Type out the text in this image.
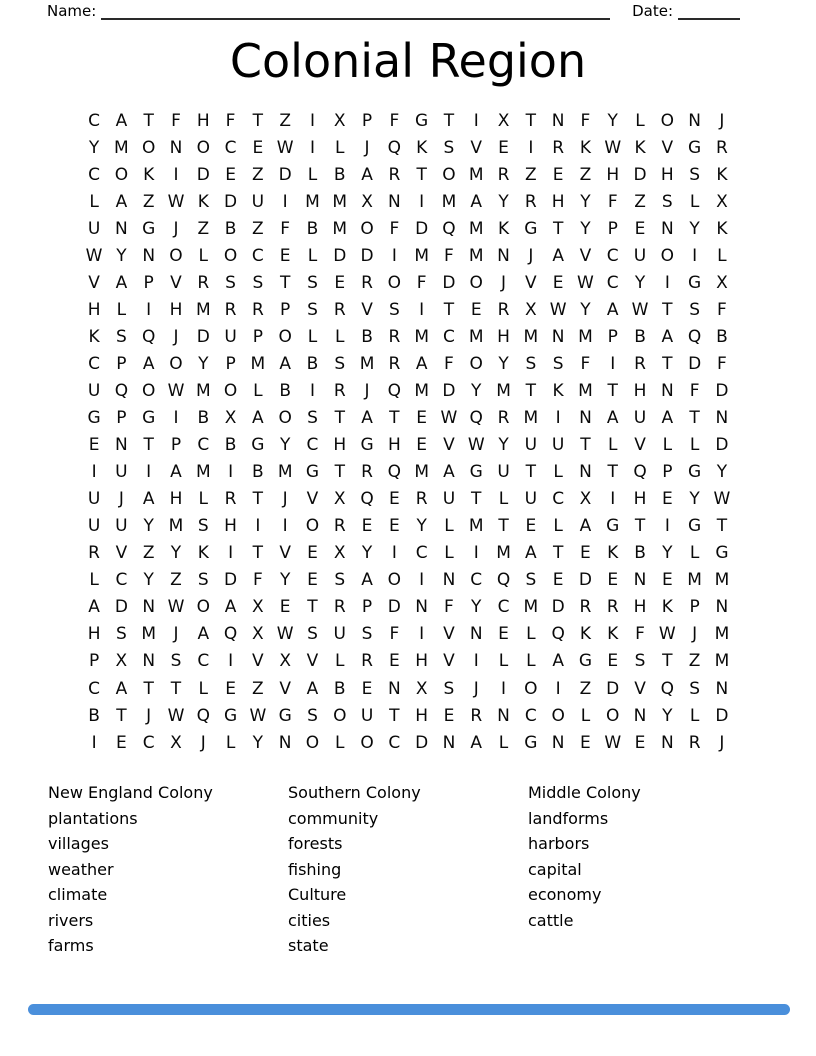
Name:	Date:
Colonial Region
C A T	F H F	T Z	I	X P	F G T	I	X T N F	Y	L O N	J
Y M O N O C E W I	L	J	Q K S V E	I	R K W K V G R
C O K	I	D E Z D L B A R T O M R Z E Z H D H S K
L A Z W K D U	I	M M X N	I	M A Y R H Y	F Z S	L X
U N G	J	Z B Z F B M O F D Q M K G T Y P E N Y K
W Y N O L O C E	L D D	I	M F M N	J	A V C U O	I	L
V A P V R S S T S E R O F D O	J	V E W C Y	I	G X
H L	I	H M R R P S R V S	I	T E R X W Y A W T S	F
K S Q	J	D U P O L	L B R M C M H M N M P B A Q B
C P A O Y P M A B S M R A F O Y S S	F	I	R T D F
U Q O W M O L B	I	R	J	Q M D Y M T K M T H N F D
G P G	I	B X A O S T A T E W Q R M	I	N A U A T N
E N T P C B G Y C H G H E V W Y U U T	L V L	L D
I	U	I	A M	I	B M G T R Q M A G U T	L N T Q P G Y
U	J	A H L R T	J	V X Q E R U T	L U C X	I	H E Y W
U U Y M S H	I	I	O R E E Y	L M T E	L A G T	I	G T
R V Z Y K	I	T V E X Y	I	C L	I	M A T E K B Y	L G
L C Y Z S D F	Y E S A O	I	N C Q S E D E N E M M
A D N W O A X E T R P D N F	Y C M D R R H K P N
H S M	J	A Q X W S U S	F	I	V N E	L Q K K F W J	M
P X N S C	I	V X V L R E H V	I	L	L A G E S T Z M
C A T T	L	E Z V A B E N X S	J	I	O	I	Z D V Q S N
B T	J W Q G W G S O U T H E R N C O L O N Y	L D
I	E C X	J	L	Y N O L O C D N A L G N E W E N R	J
New England Colony
plantations
villages
weather
climate
rivers
farms
Southern Colony
community
forests
fishing
Culture
cities
state
Middle Colony
landforms
harbors
capital
economy
cattle
